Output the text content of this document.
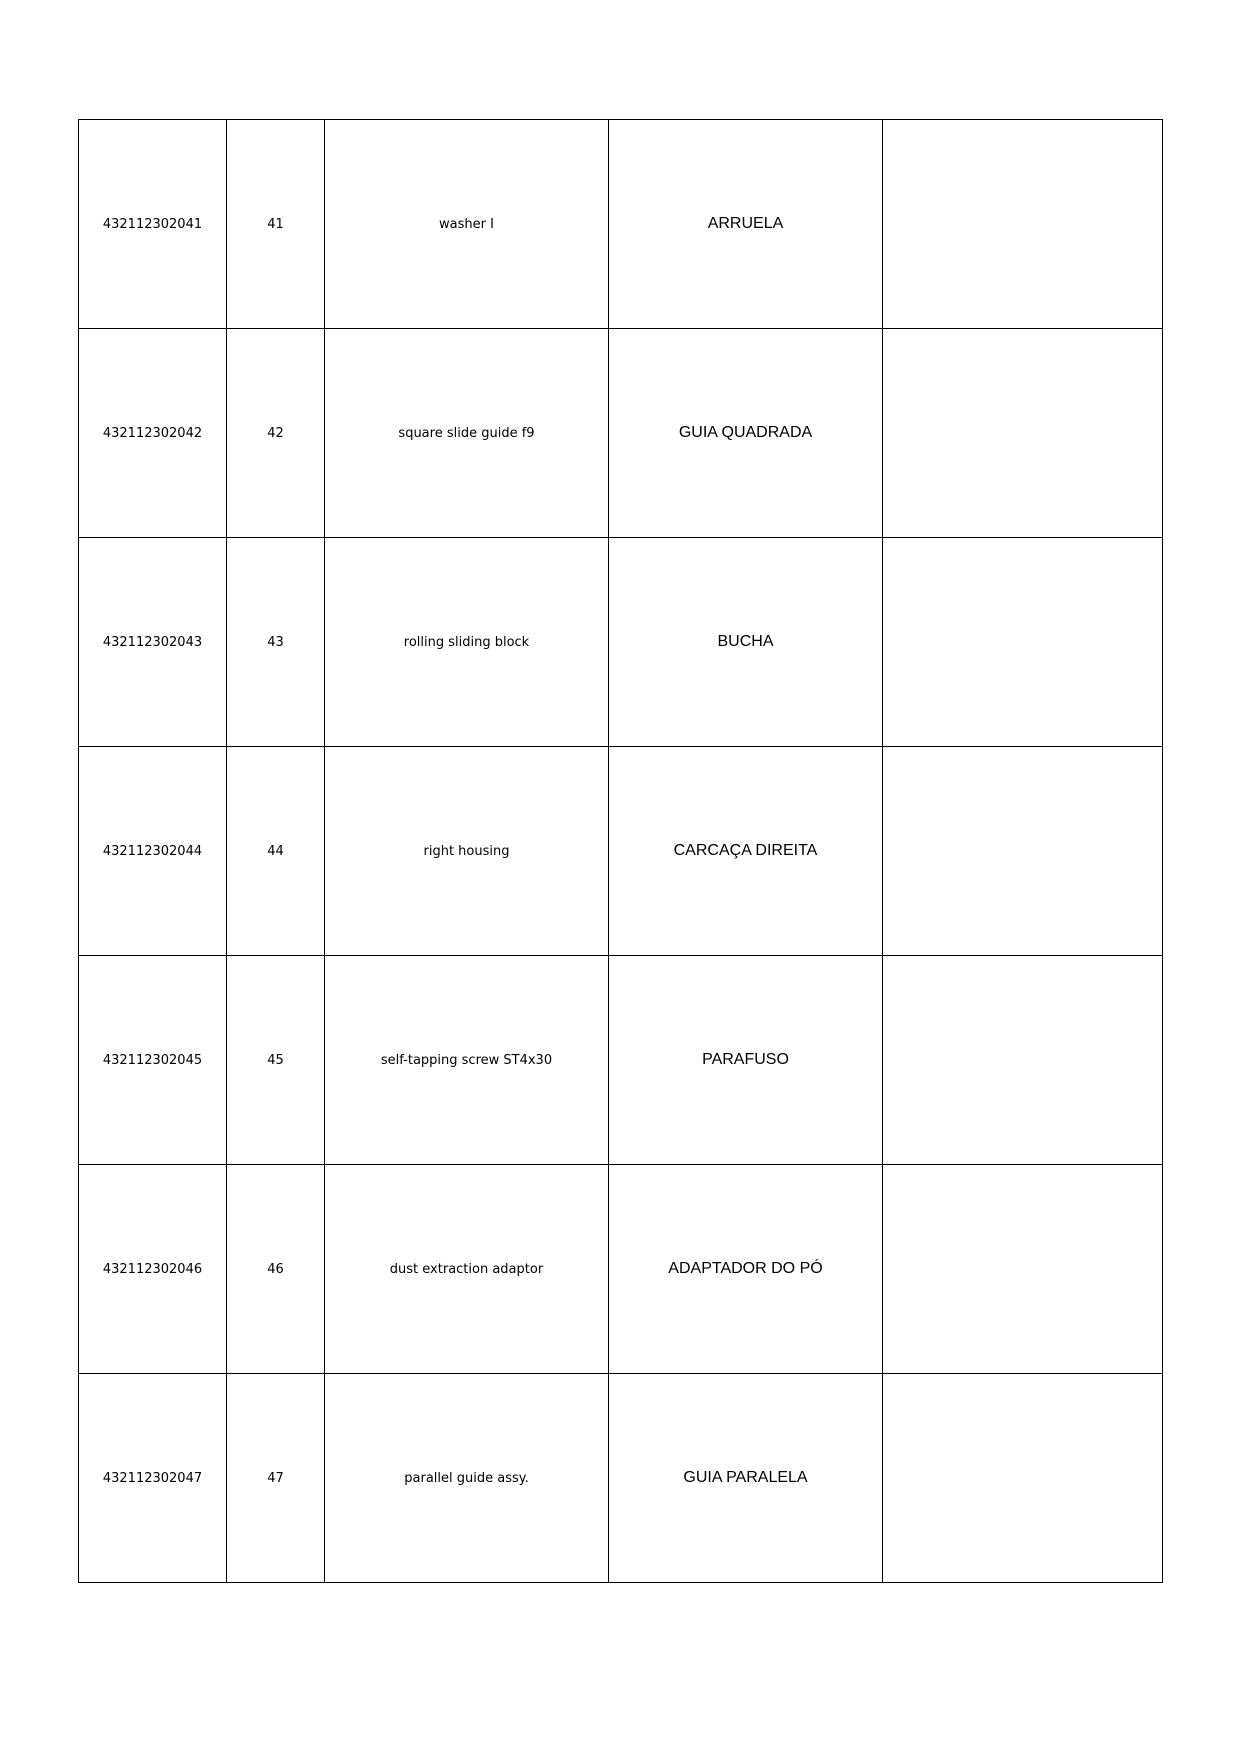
432112302041	41	washer I	ARRUELA	
432112302042	42	square slide guide f9	GUIA QUADRADA	
432112302043	43	rolling sliding block	BUCHA	
432112302044	44	right housing	CARCAÇA DIREITA	
432112302045	45	self-tapping screw ST4x30	PARAFUSO	
432112302046	46	dust extraction adaptor	ADAPTADOR DO PÓ	
432112302047	47	parallel guide assy.	GUIA PARALELA	
